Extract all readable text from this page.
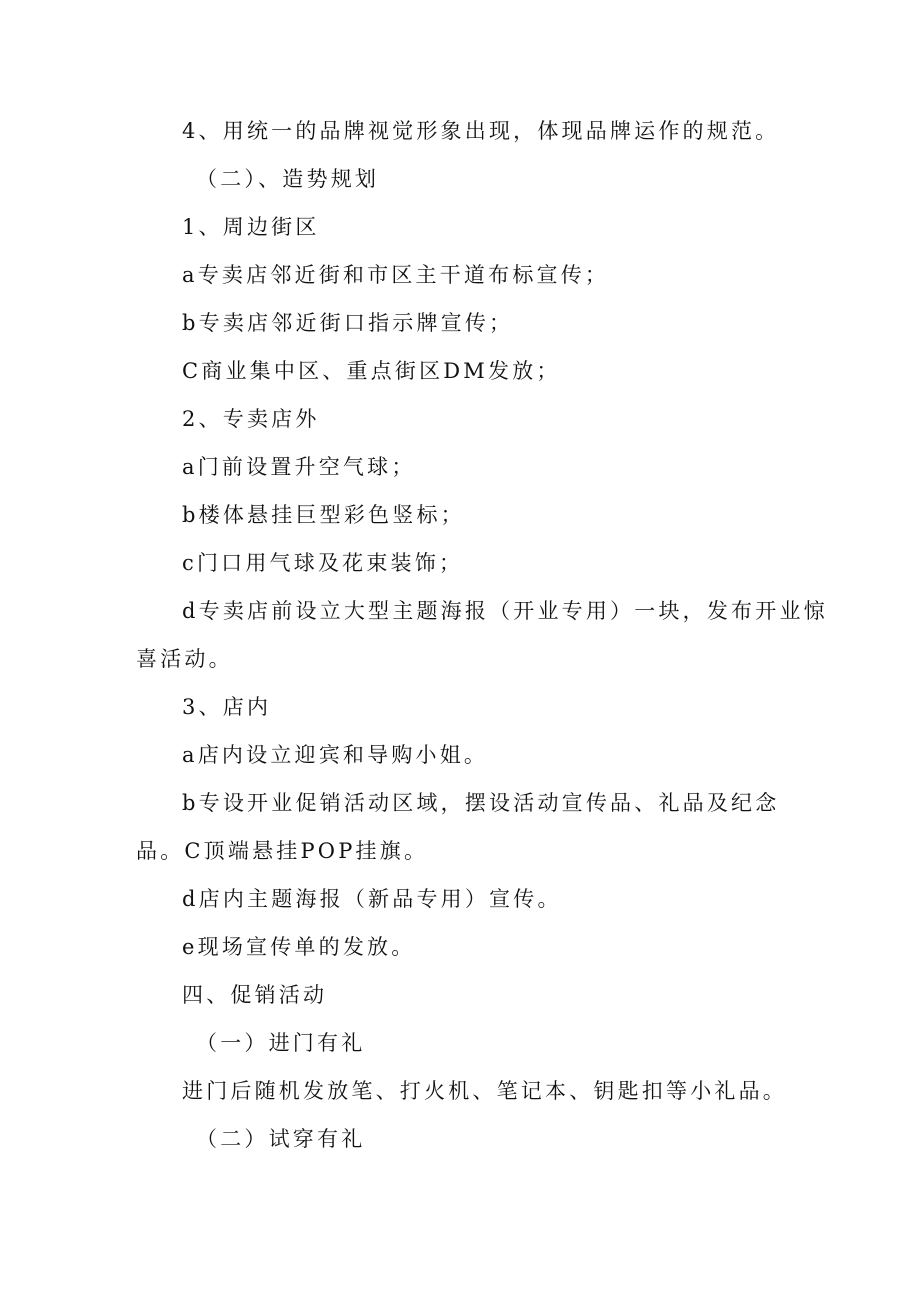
4、用统一的品牌视觉形象出现，体现品牌运作的规范。
（二）、造势规划
1、周边街区
a专卖店邻近街和市区主干道布标宣传；
b专卖店邻近街口指示牌宣传；
C商业集中区、重点街区DM发放；
2、专卖店外
a门前设置升空气球；
b楼体悬挂巨型彩色竖标；
c门口用气球及花束装饰；
d专卖店前设立大型主题海报（开业专用）一块，发布开业惊
喜活动。
3、店内
a店内设立迎宾和导购小姐。
b专设开业促销活动区域，摆设活动宣传品、礼品及纪念
品。C顶端悬挂POP挂旗。
d店内主题海报（新品专用）宣传。
e现场宣传单的发放。
四、促销活动
（一）进门有礼
进门后随机发放笔、打火机、笔记本、钥匙扣等小礼品。
（二）试穿有礼
